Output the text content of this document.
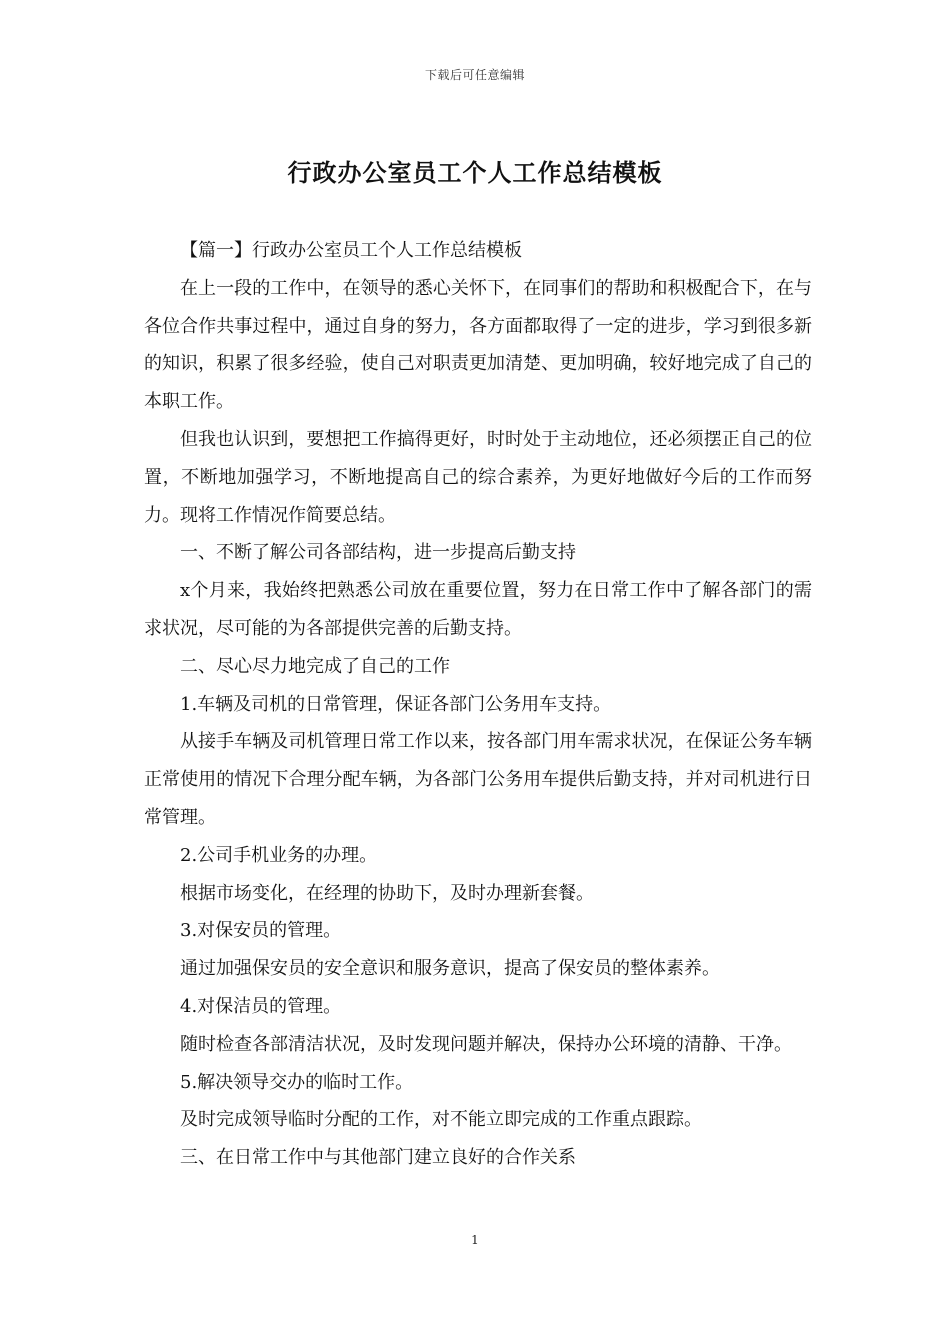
下载后可任意编辑
行政办公室员工个人工作总结模板

【篇一】行政办公室员工个人工作总结模板

在上一段的工作中，在领导的悉心关怀下，在同事们的帮助和积极配合下，在与各位合作共事过程中，通过自身的努力，各方面都取得了一定的进步，学习到很多新的知识，积累了很多经验，使自己对职责更加清楚、更加明确，较好地完成了自己的本职工作。

但我也认识到，要想把工作搞得更好，时时处于主动地位，还必须摆正自己的位置，不断地加强学习，不断地提高自己的综合素养，为更好地做好今后的工作而努力。现将工作情况作简要总结。

一、不断了解公司各部结构，进一步提高后勤支持

x个月来，我始终把熟悉公司放在重要位置，努力在日常工作中了解各部门的需求状况，尽可能的为各部提供完善的后勤支持。

二、尽心尽力地完成了自己的工作

1.车辆及司机的日常管理，保证各部门公务用车支持。

从接手车辆及司机管理日常工作以来，按各部门用车需求状况，在保证公务车辆正常使用的情况下合理分配车辆，为各部门公务用车提供后勤支持，并对司机进行日常管理。

2.公司手机业务的办理。

根据市场变化，在经理的协助下，及时办理新套餐。

3.对保安员的管理。

通过加强保安员的安全意识和服务意识，提高了保安员的整体素养。

4.对保洁员的管理。

随时检查各部清洁状况，及时发现问题并解决，保持办公环境的清静、干净。

5.解决领导交办的临时工作。

及时完成领导临时分配的工作，对不能立即完成的工作重点跟踪。

三、在日常工作中与其他部门建立良好的合作关系

1
